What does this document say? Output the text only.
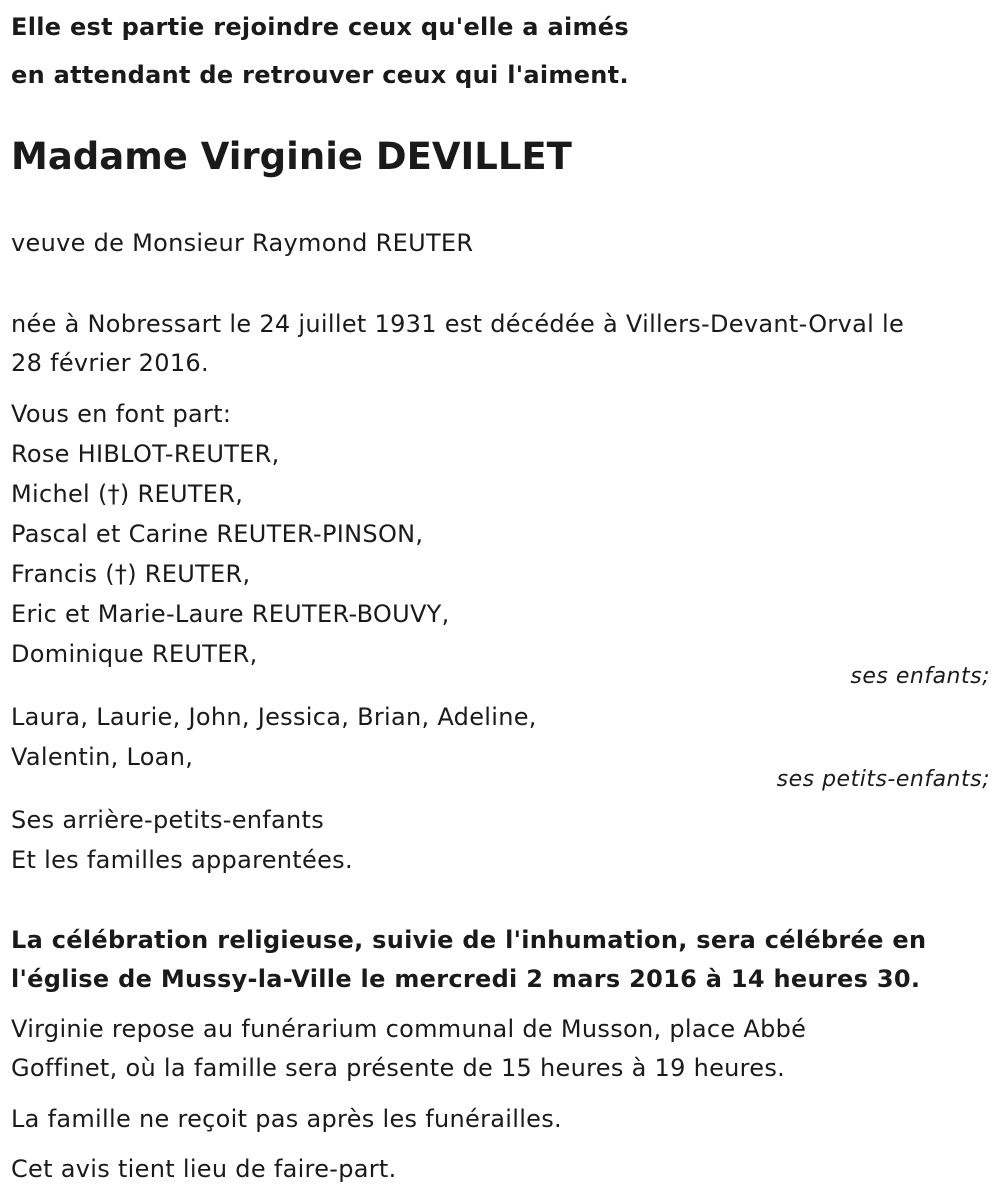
Elle est partie rejoindre ceux qu'elle a aimés
en attendant de retrouver ceux qui l'aiment.
Madame Virginie DEVILLET
veuve de Monsieur Raymond REUTER
née à Nobressart le 24 juillet 1931 est décédée à Villers-Devant-Orval le
28 février 2016.
Vous en font part:
Rose HIBLOT-REUTER,
Michel (†) REUTER,
Pascal et Carine REUTER-PINSON,
Francis (†) REUTER,
Eric et Marie-Laure REUTER-BOUVY,
Dominique REUTER,
ses enfants;
Laura, Laurie, John, Jessica, Brian, Adeline,
Valentin, Loan,
ses petits-enfants;
Ses arrière-petits-enfants
Et les familles apparentées.
La célébration religieuse, suivie de l'inhumation, sera célébrée en
l'église de Mussy-la-Ville le mercredi 2 mars 2016 à 14 heures 30.
Virginie repose au funérarium communal de Musson, place Abbé
Goffinet, où la famille sera présente de 15 heures à 19 heures.
La famille ne reçoit pas après les funérailles.
Cet avis tient lieu de faire-part.
